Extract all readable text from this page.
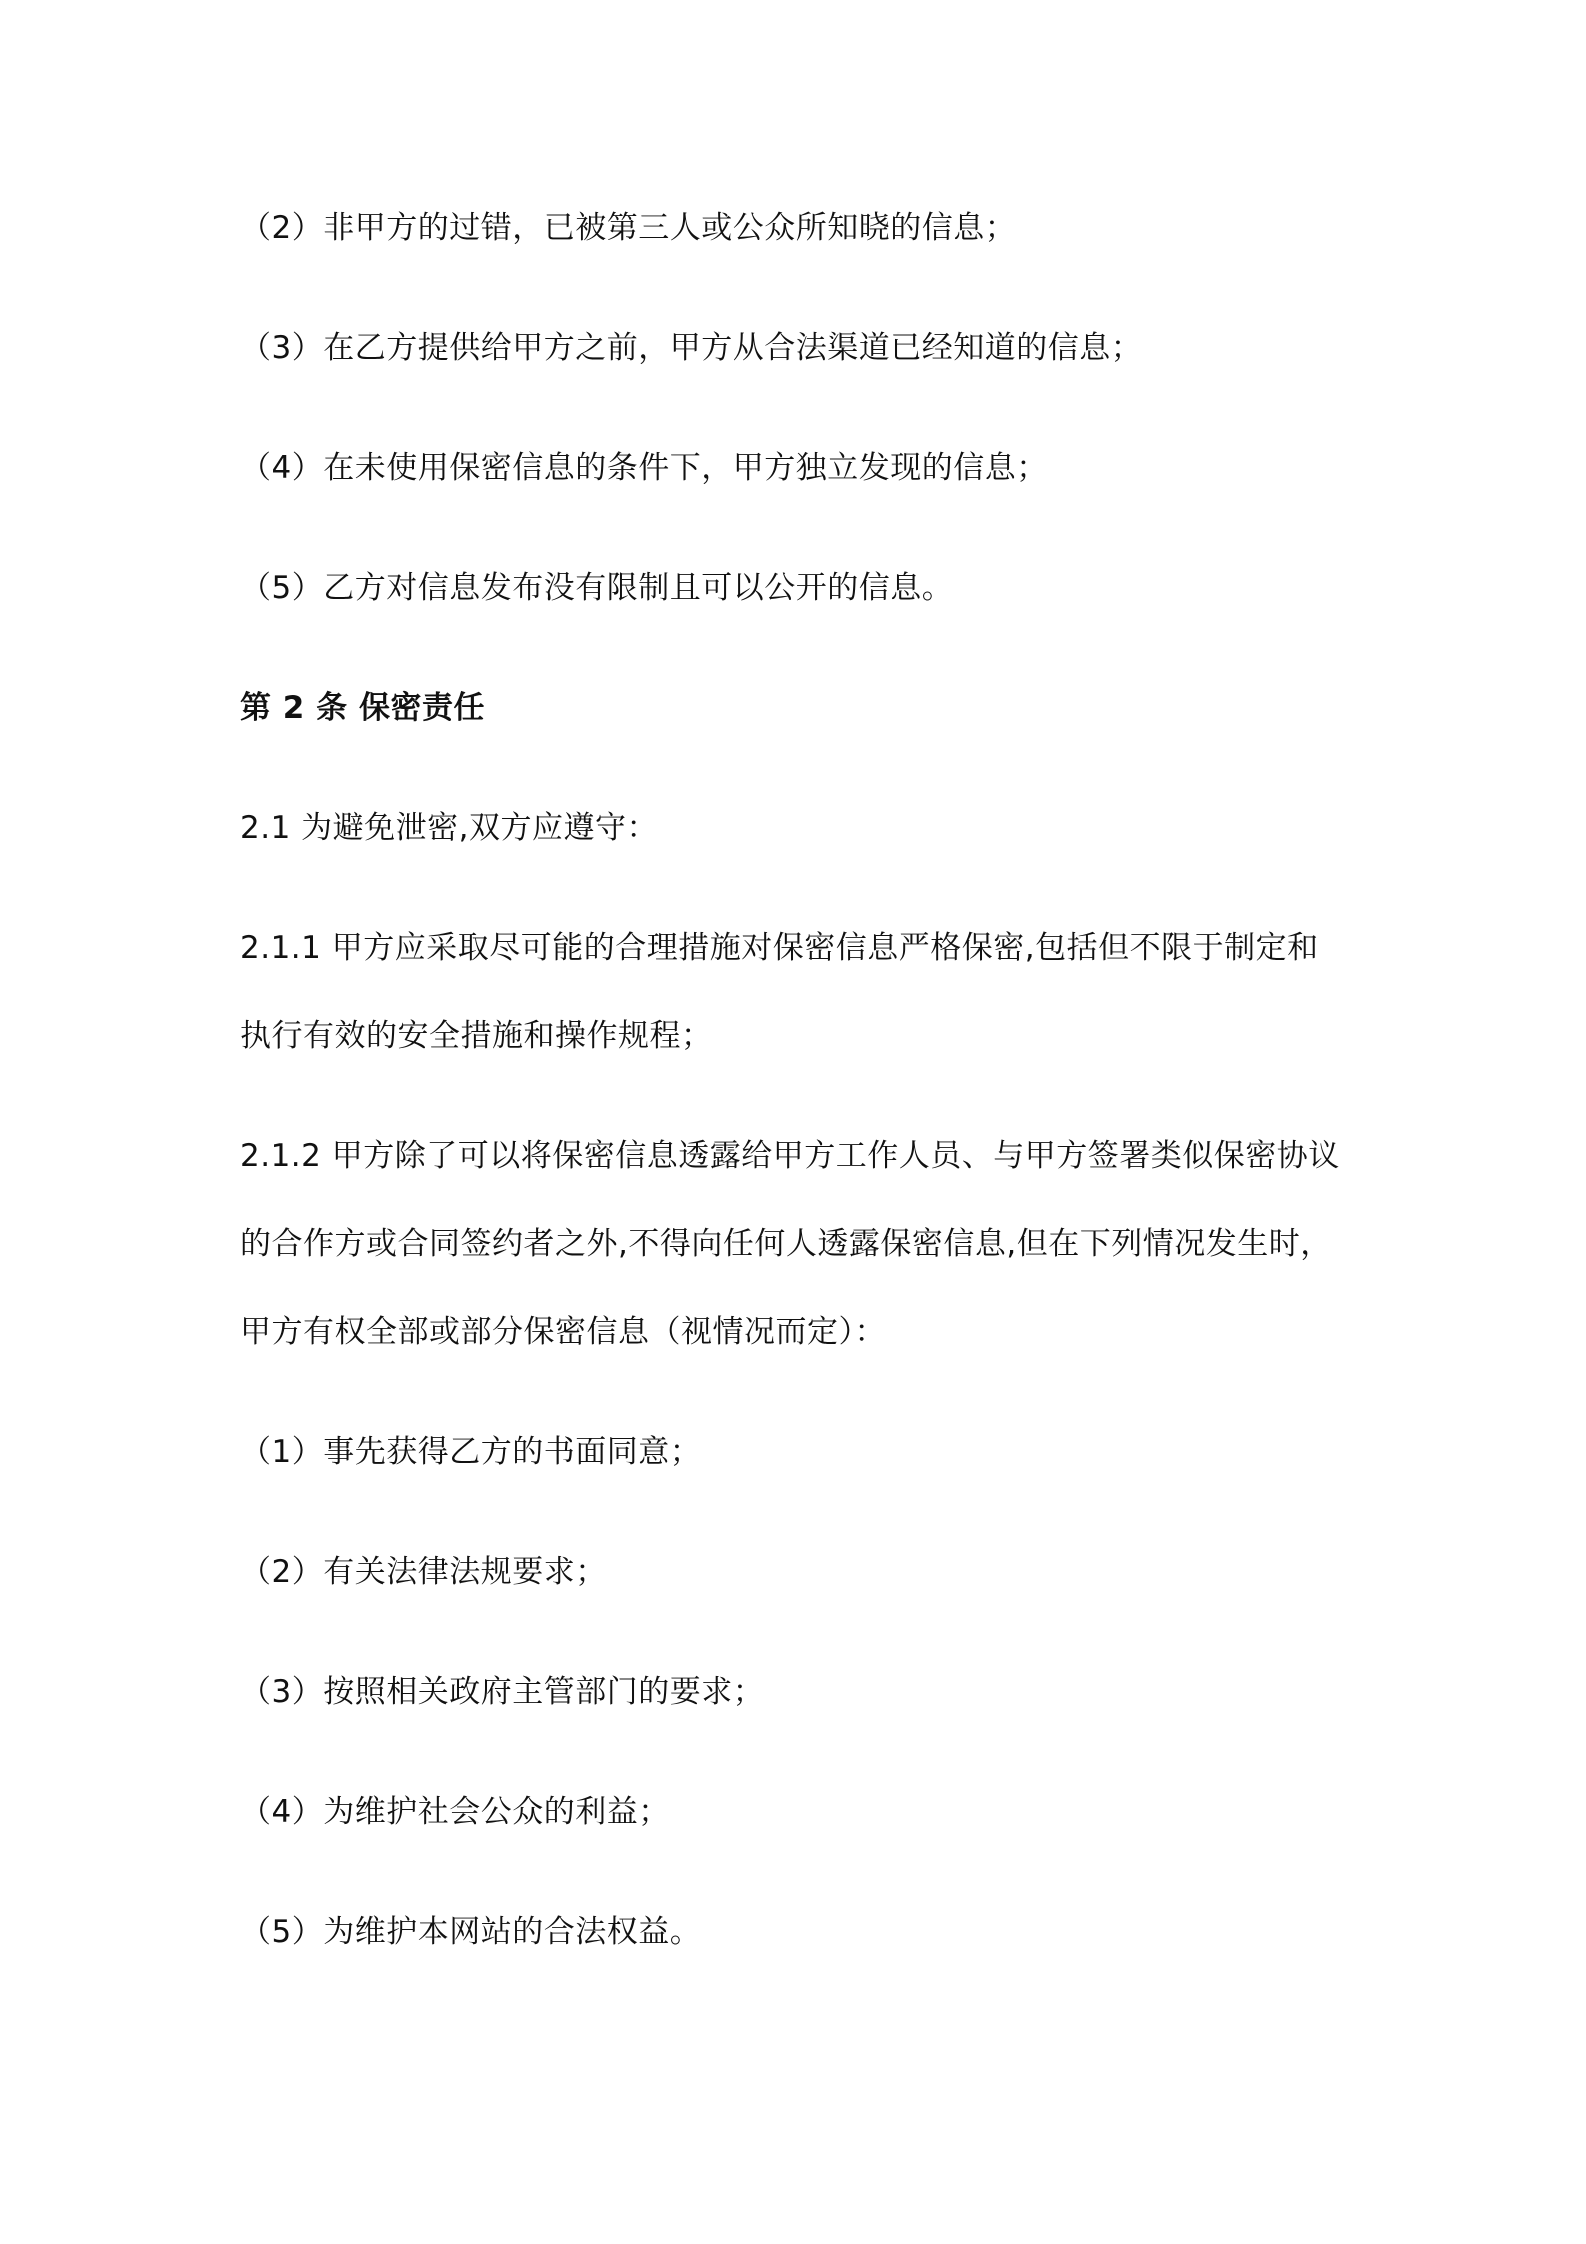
（2）非甲方的过错，已被第三人或公众所知晓的信息；
（3）在乙方提供给甲方之前，甲方从合法渠道已经知道的信息；
（4）在未使用保密信息的条件下，甲方独立发现的信息；
（5）乙方对信息发布没有限制且可以公开的信息。
第 2 条 保密责任
2.1 为避免泄密,双方应遵守：
2.1.1 甲方应采取尽可能的合理措施对保密信息严格保密,包括但不限于制定和
执行有效的安全措施和操作规程；
2.1.2 甲方除了可以将保密信息透露给甲方工作人员、与甲方签署类似保密协议
的合作方或合同签约者之外,不得向任何人透露保密信息,但在下列情况发生时，
甲方有权全部或部分保密信息（视情况而定）：
（1）事先获得乙方的书面同意；
（2）有关法律法规要求；
（3）按照相关政府主管部门的要求；
（4）为维护社会公众的利益；
（5）为维护本网站的合法权益。
